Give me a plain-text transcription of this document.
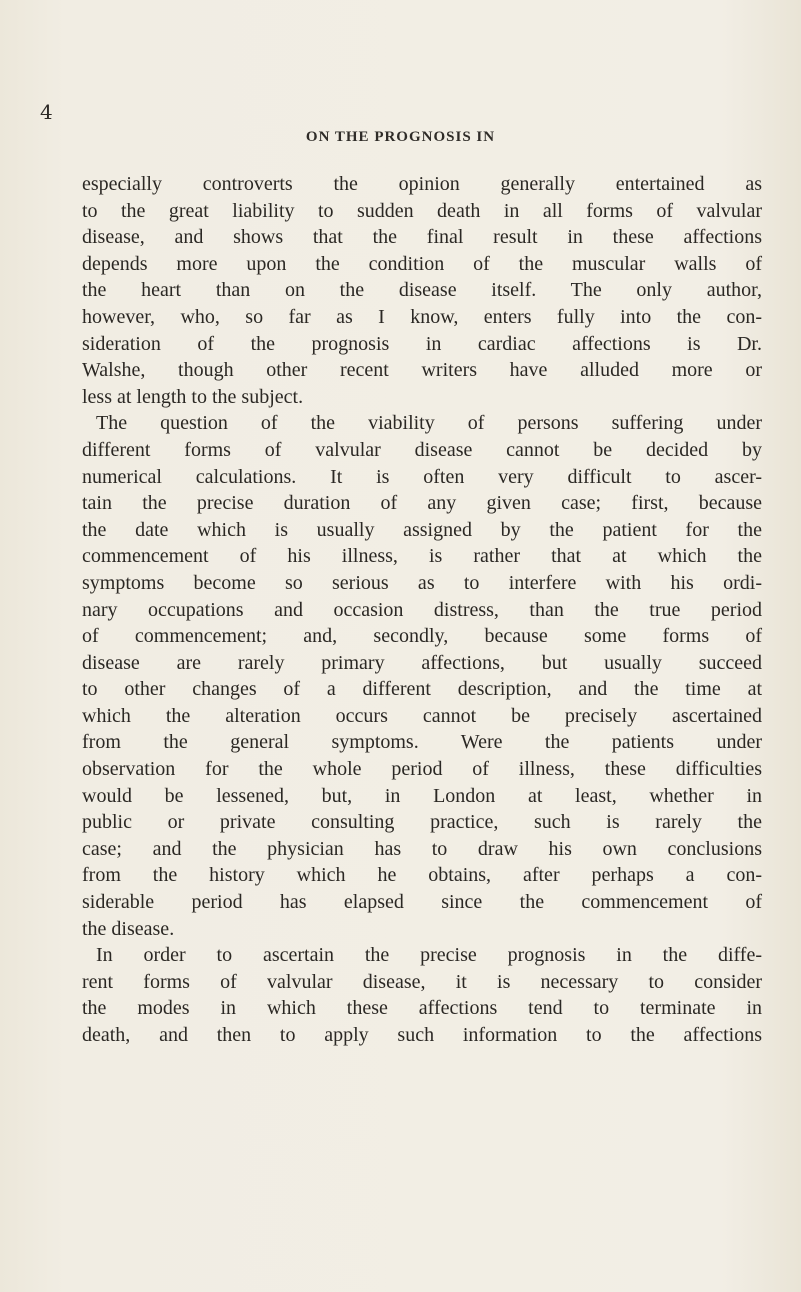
4
ON THE PROGNOSIS IN
especially controverts the opinion generally entertained as
to the great liability to sudden death in all forms of valvular
disease, and shows that the final result in these affections
depends more upon the condition of the muscular walls of
the heart than on the disease itself. The only author,
however, who, so far as I know, enters fully into the con-
sideration of the prognosis in cardiac affections is Dr.
Walshe, though other recent writers have alluded more or
less at length to the subject.
The question of the viability of persons suffering under
different forms of valvular disease cannot be decided by
numerical calculations. It is often very difficult to ascer-
tain the precise duration of any given case; first, because
the date which is usually assigned by the patient for the
commencement of his illness, is rather that at which the
symptoms become so serious as to interfere with his ordi-
nary occupations and occasion distress, than the true period
of commencement; and, secondly, because some forms of
disease are rarely primary affections, but usually succeed
to other changes of a different description, and the time at
which the alteration occurs cannot be precisely ascertained
from the general symptoms. Were the patients under
observation for the whole period of illness, these difficulties
would be lessened, but, in London at least, whether in
public or private consulting practice, such is rarely the
case; and the physician has to draw his own conclusions
from the history which he obtains, after perhaps a con-
siderable period has elapsed since the commencement of
the disease.
In order to ascertain the precise prognosis in the diffe-
rent forms of valvular disease, it is necessary to consider
the modes in which these affections tend to terminate in
death, and then to apply such information to the affections
